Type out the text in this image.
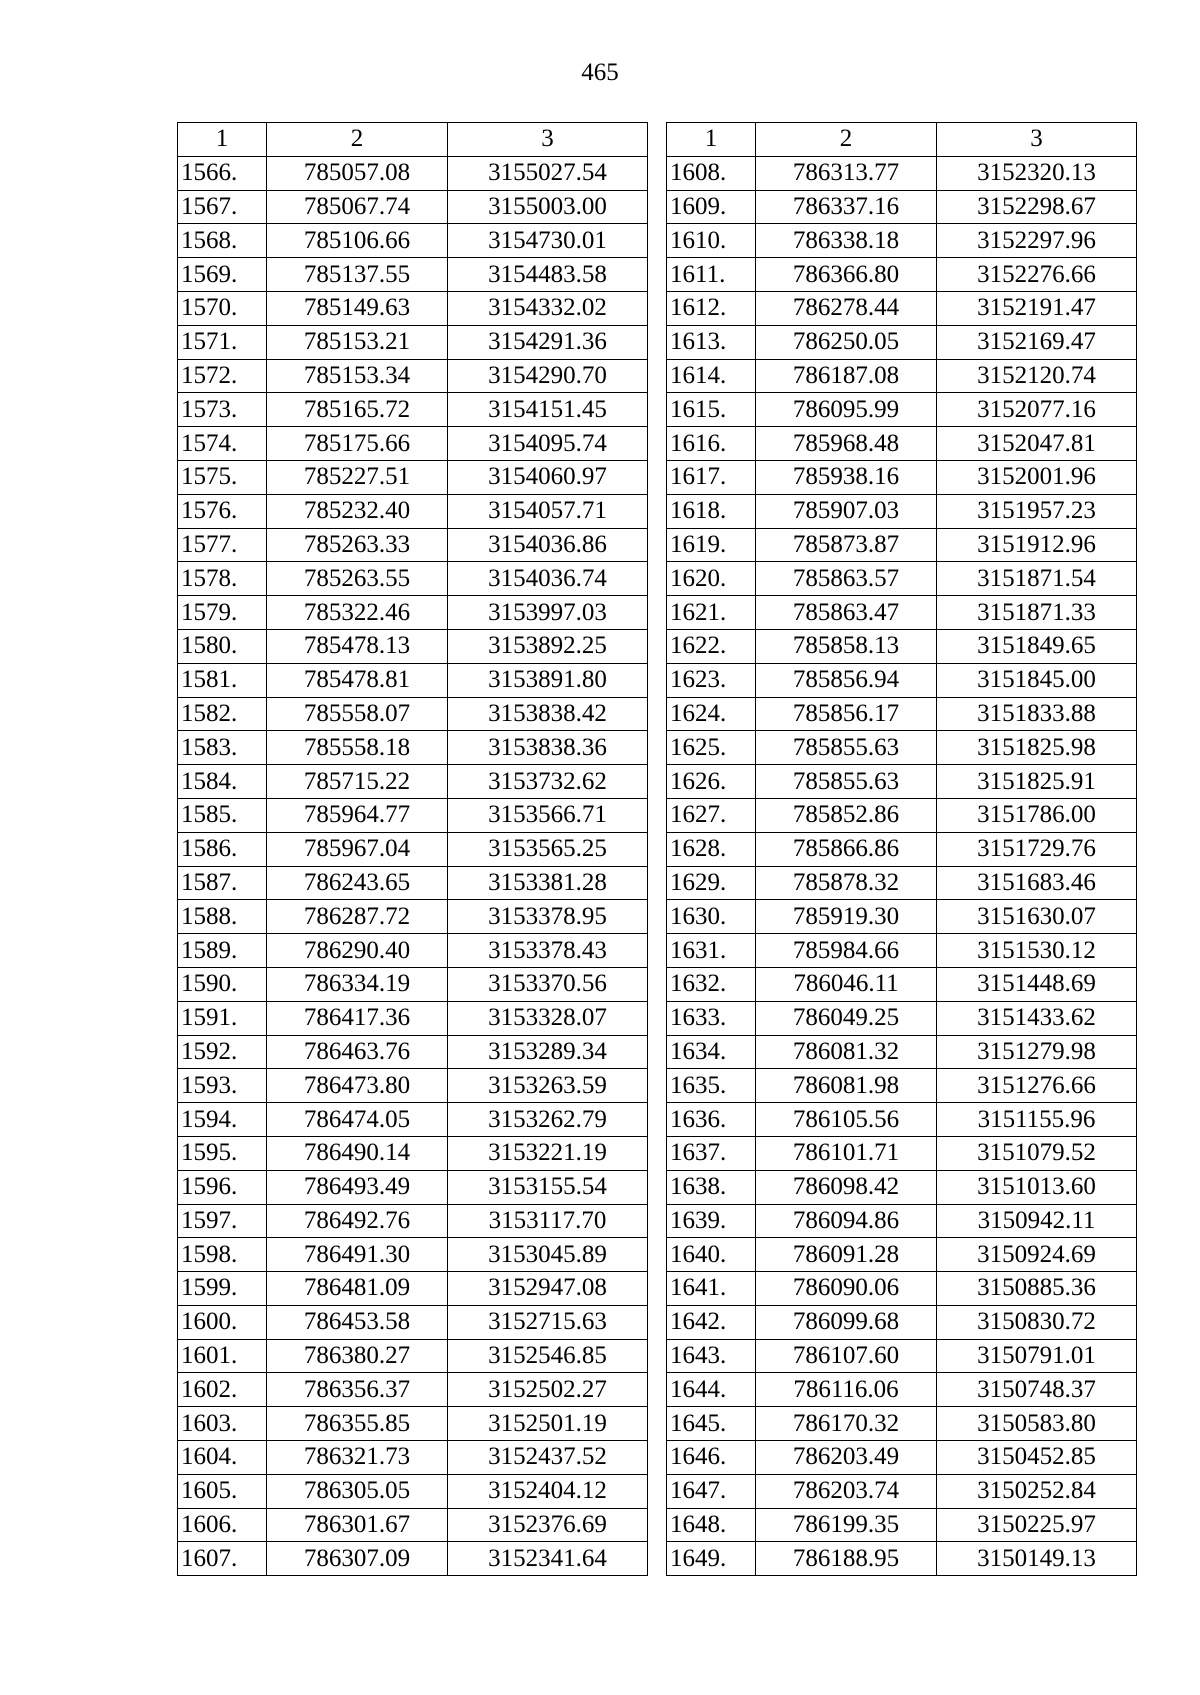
465
1	2	3
1566.	785057.08	3155027.54
1567.	785067.74	3155003.00
1568.	785106.66	3154730.01
1569.	785137.55	3154483.58
1570.	785149.63	3154332.02
1571.	785153.21	3154291.36
1572.	785153.34	3154290.70
1573.	785165.72	3154151.45
1574.	785175.66	3154095.74
1575.	785227.51	3154060.97
1576.	785232.40	3154057.71
1577.	785263.33	3154036.86
1578.	785263.55	3154036.74
1579.	785322.46	3153997.03
1580.	785478.13	3153892.25
1581.	785478.81	3153891.80
1582.	785558.07	3153838.42
1583.	785558.18	3153838.36
1584.	785715.22	3153732.62
1585.	785964.77	3153566.71
1586.	785967.04	3153565.25
1587.	786243.65	3153381.28
1588.	786287.72	3153378.95
1589.	786290.40	3153378.43
1590.	786334.19	3153370.56
1591.	786417.36	3153328.07
1592.	786463.76	3153289.34
1593.	786473.80	3153263.59
1594.	786474.05	3153262.79
1595.	786490.14	3153221.19
1596.	786493.49	3153155.54
1597.	786492.76	3153117.70
1598.	786491.30	3153045.89
1599.	786481.09	3152947.08
1600.	786453.58	3152715.63
1601.	786380.27	3152546.85
1602.	786356.37	3152502.27
1603.	786355.85	3152501.19
1604.	786321.73	3152437.52
1605.	786305.05	3152404.12
1606.	786301.67	3152376.69
1607.	786307.09	3152341.64
1	2	3
1608.	786313.77	3152320.13
1609.	786337.16	3152298.67
1610.	786338.18	3152297.96
1611.	786366.80	3152276.66
1612.	786278.44	3152191.47
1613.	786250.05	3152169.47
1614.	786187.08	3152120.74
1615.	786095.99	3152077.16
1616.	785968.48	3152047.81
1617.	785938.16	3152001.96
1618.	785907.03	3151957.23
1619.	785873.87	3151912.96
1620.	785863.57	3151871.54
1621.	785863.47	3151871.33
1622.	785858.13	3151849.65
1623.	785856.94	3151845.00
1624.	785856.17	3151833.88
1625.	785855.63	3151825.98
1626.	785855.63	3151825.91
1627.	785852.86	3151786.00
1628.	785866.86	3151729.76
1629.	785878.32	3151683.46
1630.	785919.30	3151630.07
1631.	785984.66	3151530.12
1632.	786046.11	3151448.69
1633.	786049.25	3151433.62
1634.	786081.32	3151279.98
1635.	786081.98	3151276.66
1636.	786105.56	3151155.96
1637.	786101.71	3151079.52
1638.	786098.42	3151013.60
1639.	786094.86	3150942.11
1640.	786091.28	3150924.69
1641.	786090.06	3150885.36
1642.	786099.68	3150830.72
1643.	786107.60	3150791.01
1644.	786116.06	3150748.37
1645.	786170.32	3150583.80
1646.	786203.49	3150452.85
1647.	786203.74	3150252.84
1648.	786199.35	3150225.97
1649.	786188.95	3150149.13
